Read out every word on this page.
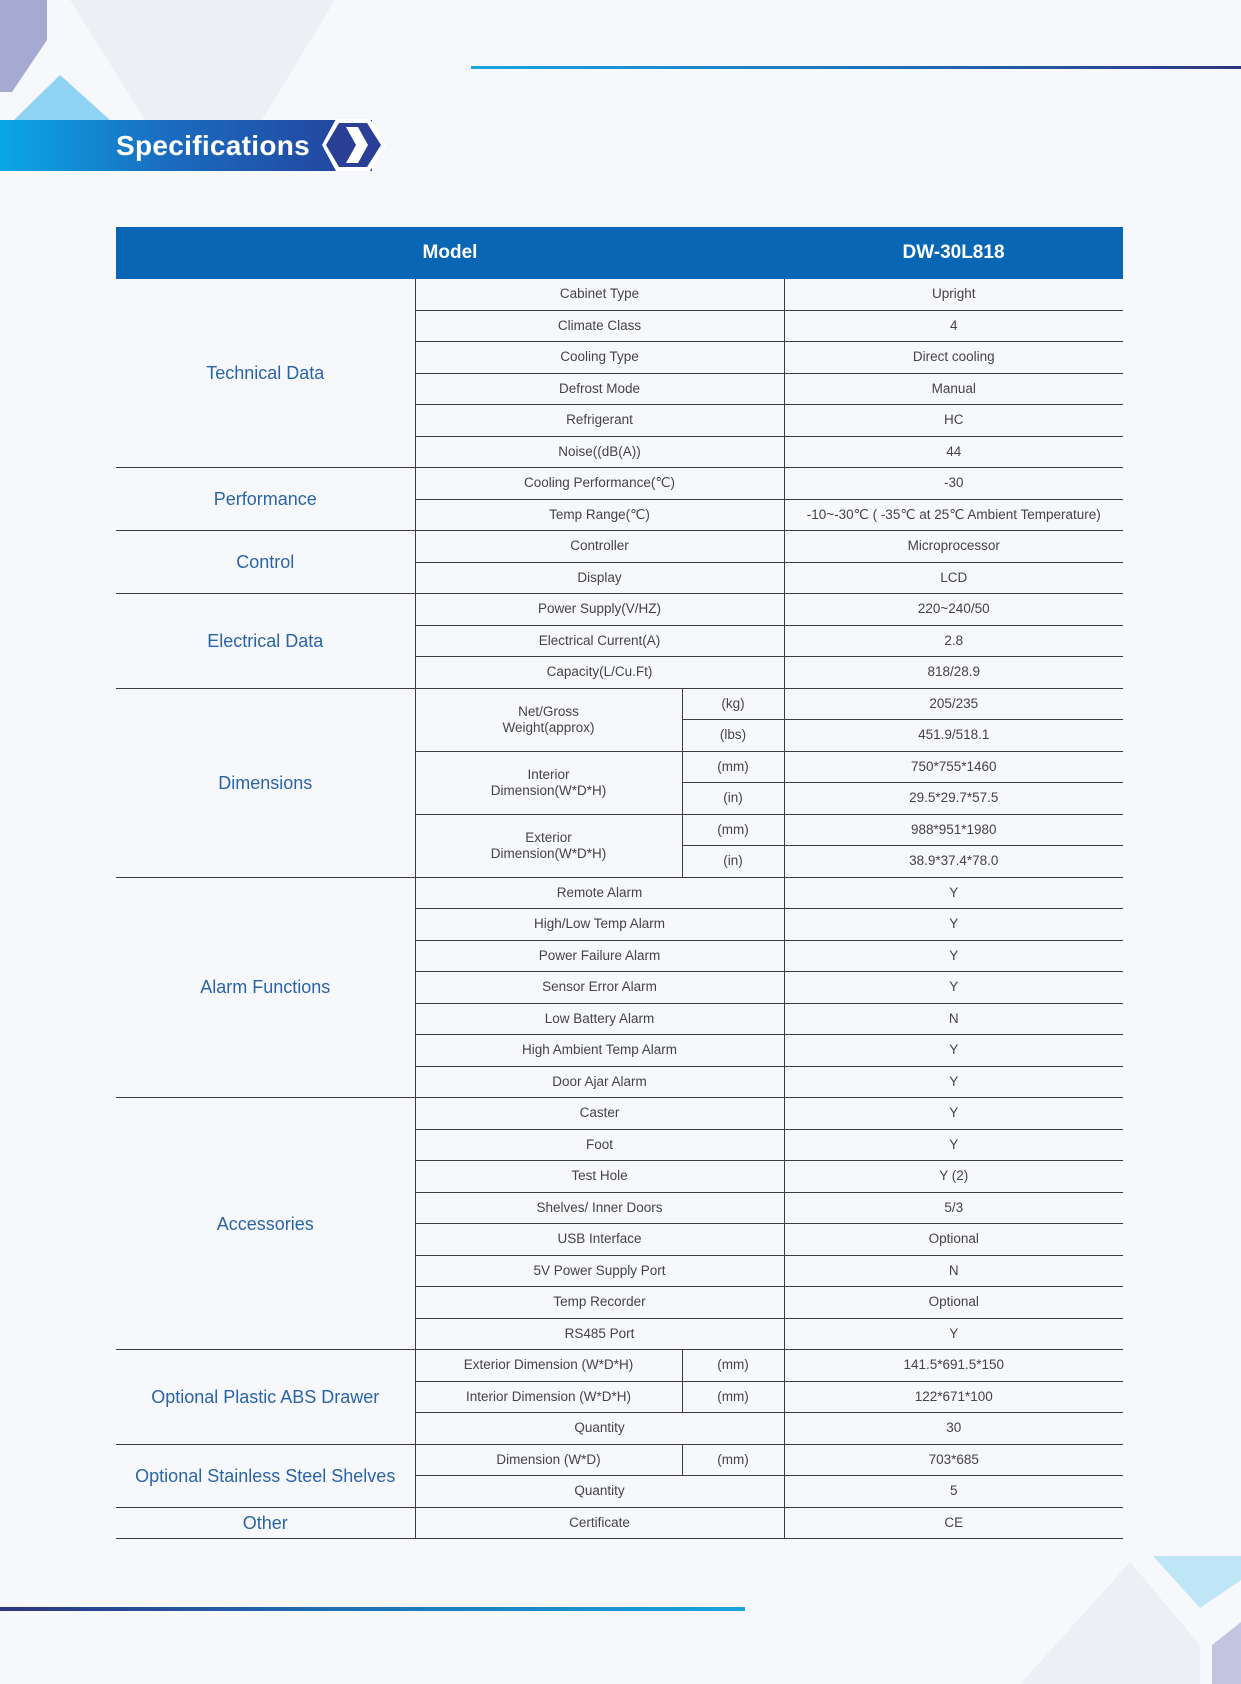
Specifications
Model			DW-30L818
Technical Data	Cabinet Type		Upright
	Climate Class		4
	Cooling Type		Direct cooling
	Defrost Mode		Manual
	Refrigerant		HC
	Noise((dB(A))		44
Performance	Cooling Performance(℃)		-30
	Temp Range(℃)		-10~-30℃ ( -35℃ at 25℃ Ambient Temperature)
Control	Controller		Microprocessor
	Display		LCD
Electrical Data	Power Supply(V/HZ)		220~240/50
	Electrical Current(A)		2.8
	Capacity(L/Cu.Ft)		818/28.9
Dimensions	Net/Gross Weight(approx)	(kg)	205/235
		(lbs)	451.9/518.1
	Interior Dimension(W*D*H)	(mm)	750*755*1460
		(in)	29.5*29.7*57.5
	Exterior Dimension(W*D*H)	(mm)	988*951*1980
		(in)	38.9*37.4*78.0
Alarm Functions	Remote Alarm		Y
	High/Low Temp Alarm		Y
	Power Failure Alarm		Y
	Sensor Error Alarm		Y
	Low Battery Alarm		N
	High Ambient Temp Alarm		Y
	Door Ajar Alarm		Y
Accessories	Caster		Y
	Foot		Y
	Test Hole		Y (2)
	Shelves/ Inner Doors		5/3
	USB Interface		Optional
	5V Power Supply Port		N
	Temp Recorder		Optional
	RS485 Port		Y
Optional Plastic ABS Drawer	Exterior Dimension (W*D*H)	(mm)	141.5*691.5*150
	Interior Dimension (W*D*H)	(mm)	122*671*100
	Quantity		30
Optional Stainless Steel Shelves	Dimension (W*D)	(mm)	703*685
	Quantity		5
Other	Certificate		CE
